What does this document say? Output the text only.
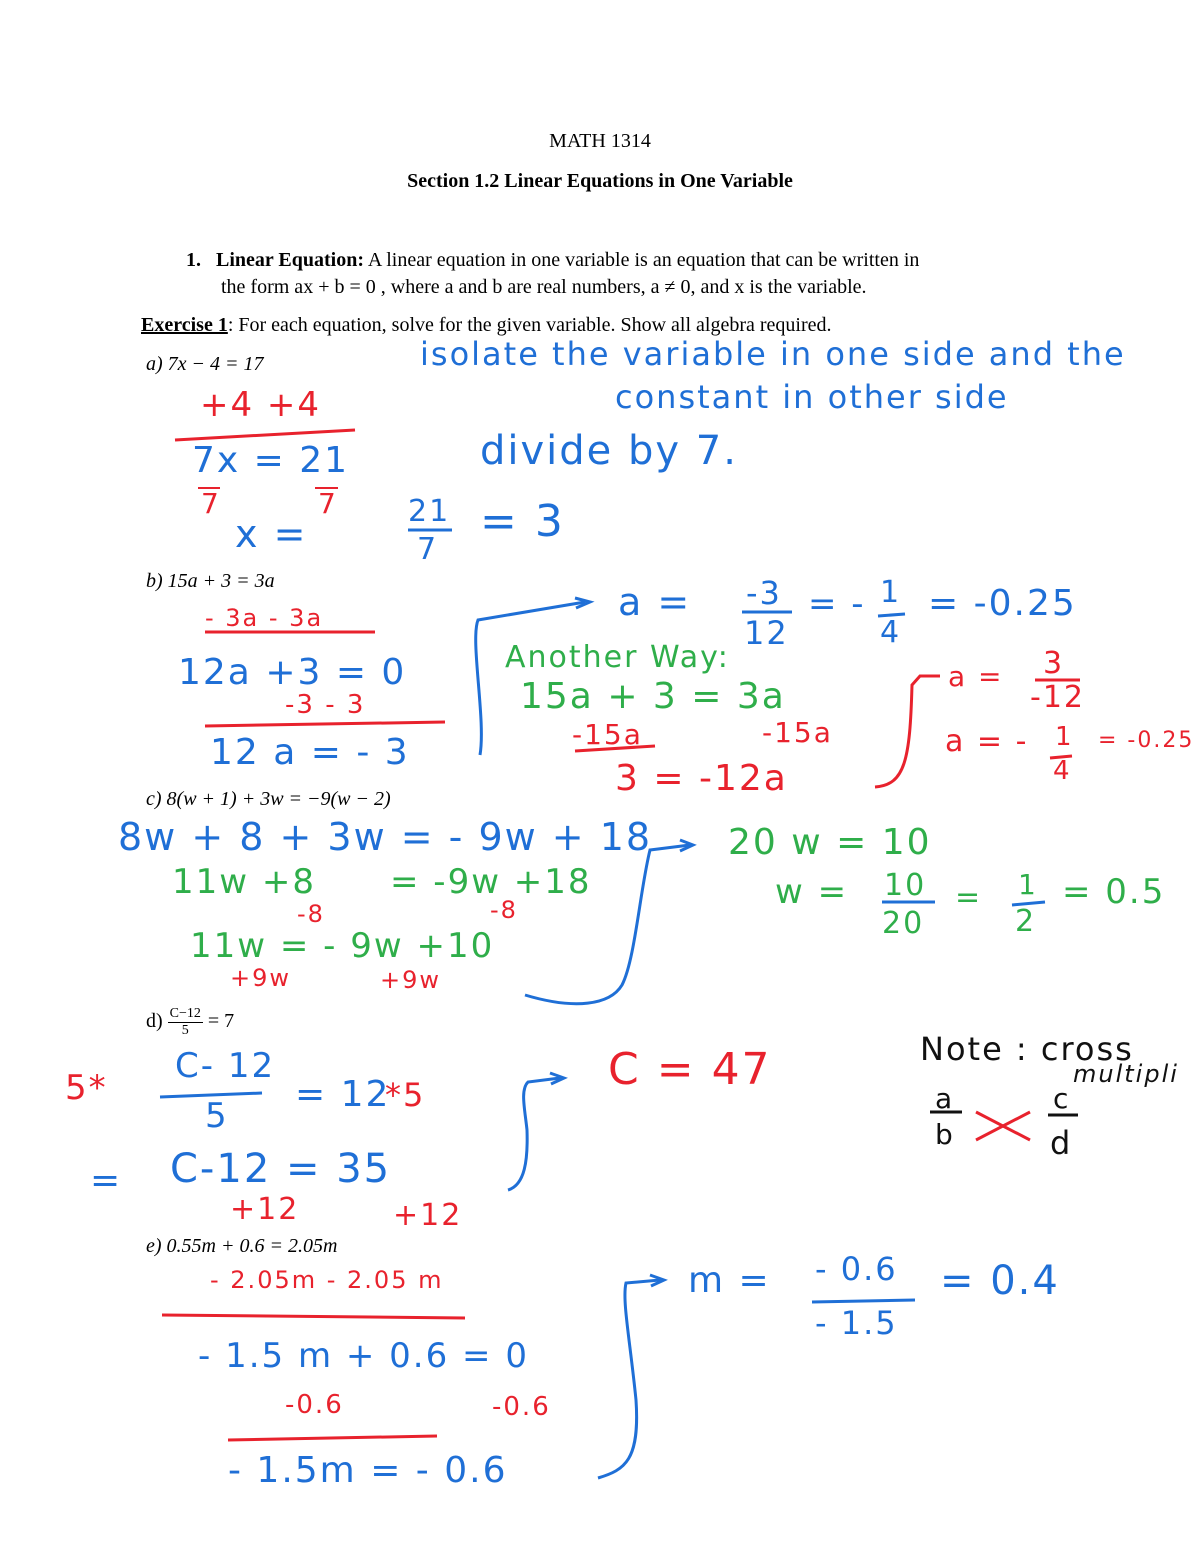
MATH 1314
Section 1.2 Linear Equations in One Variable
1. Linear Equation: A linear equation in one variable is an equation that can be written in
the form ax + b = 0 , where a and b are real numbers, a ≠ 0, and x is the variable.
Exercise 1: For each equation, solve for the given variable. Show all algebra required.
a) 7x − 4 = 17
b) 15a + 3 = 3a
c) 8(w + 1) + 3w = −9(w − 2)
$d) \frac{C-12}{5} = 7$
e) 0.55m + 0.6 = 2.05m
isolate the variable in one side and the
constant in other side
+4 +4
7x = 21
7	7
divide by 7.
x =
21
7
= 3
- 3a - 3a
12a +3 = 0
-3 - 3
12 a = - 3
a = -3
12
= - 1
4
= -0.25
Another Way:
15a + 3 = 3a
-15a	-15a
3 = -12a
a = 3
-12
a = - 1
4
= -0.25
8w + 8 + 3w = - 9w + 18
11w +8 = -9w +18
-8	-8
11w = - 9w +10
+9w	+9w
20 w = 10
w = 10
20
= 1
2
= 0.5
5*
C- 12
5
= 12
*5
= C-12 = 35
+12	+12
C = 47	Note : cross
multipli
a
b
c
d
- 2.05m - 2.05 m
- 1.5 m + 0.6 = 0
-0.6	-0.6
- 1.5m = - 0.6
m = - 0.6
- 1.5
= 0.4
